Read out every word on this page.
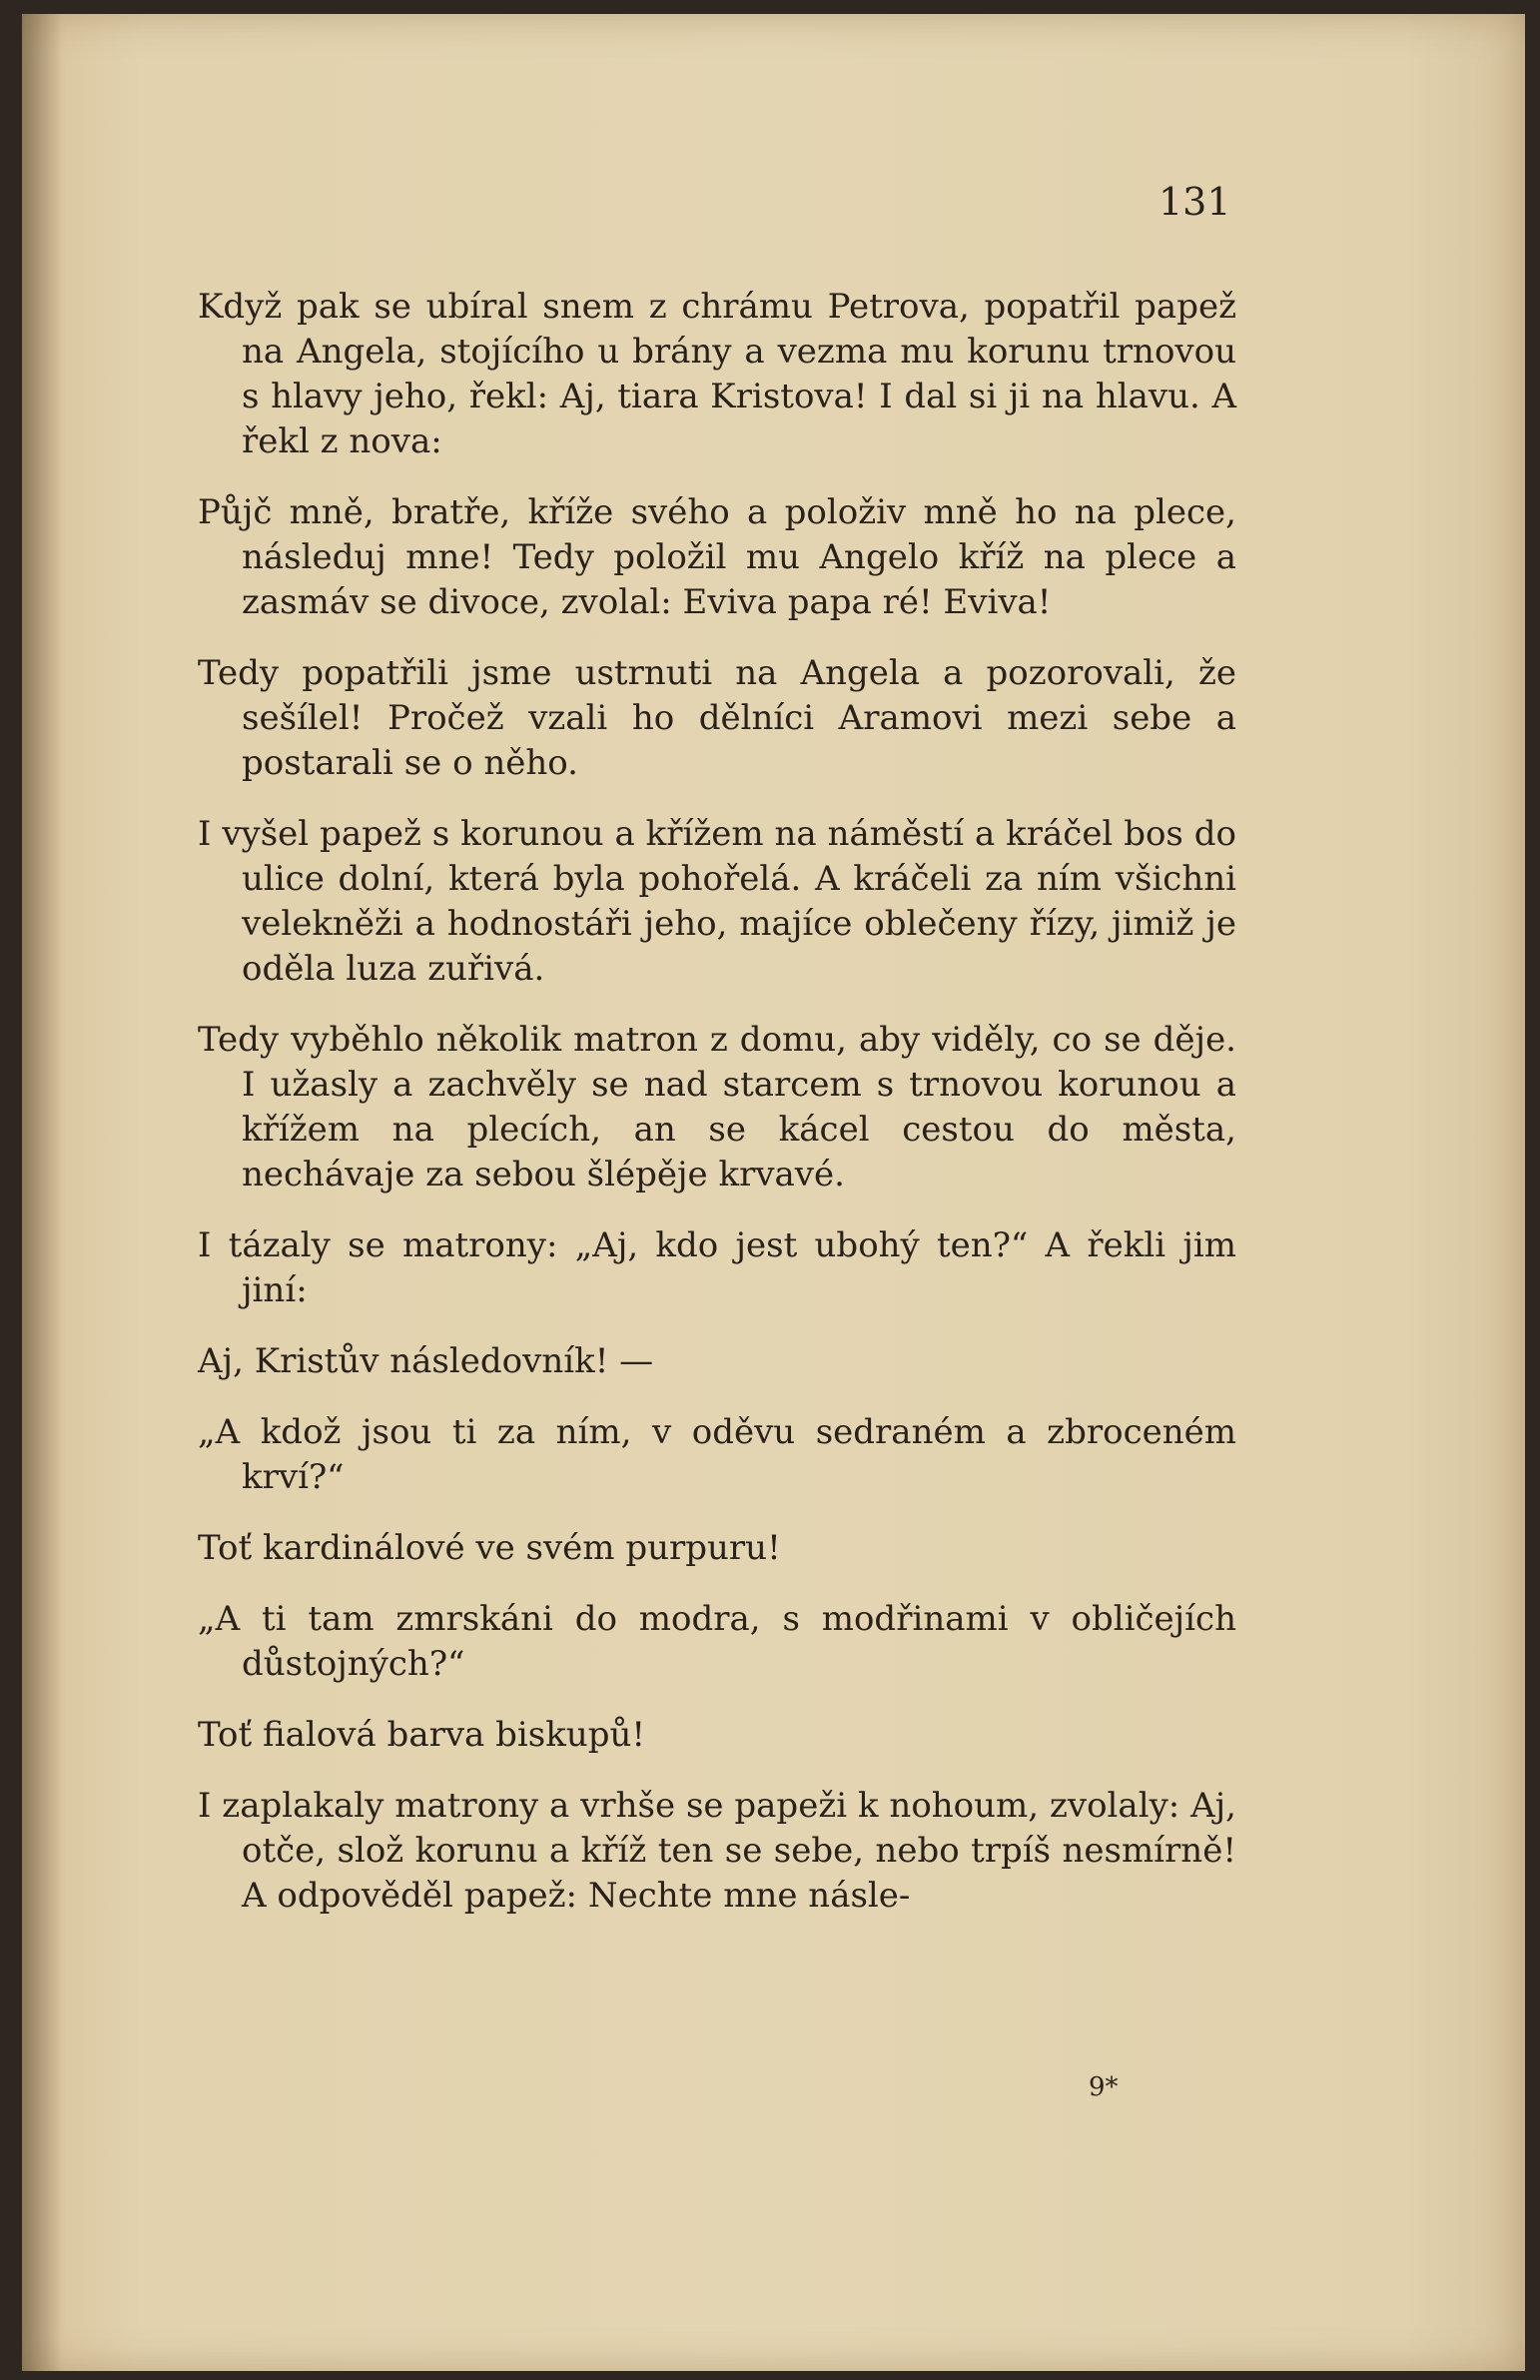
131

Když pak se ubíral snem z chrámu Petrova, popatřil papež na Angela, stojícího u brány a vezma mu korunu trnovou s hlavy jeho, řekl: Aj, tiara Kristova! I dal si ji na hlavu. A řekl z nova:

Půjč mně, bratře, kříže svého a položiv mně ho na plece, následuj mne! Tedy položil mu Angelo kříž na plece a zasmáv se divoce, zvolal: Eviva papa ré! Eviva!

Tedy popatřili jsme ustrnuti na Angela a pozorovali, že sešílel! Pročež vzali ho dělníci Aramovi mezi sebe a postarali se o něho.

I vyšel papež s korunou a křížem na náměstí a kráčel bos do ulice dolní, která byla pohořelá. A kráčeli za ním všichni velekněži a hodnostáři jeho, majíce oblečeny řízy, jimiž je oděla luza zuřivá.

Tedy vyběhlo několik matron z domu, aby viděly, co se děje. I užasly a zachvěly se nad starcem s trnovou korunou a křížem na plecích, an se kácel cestou do města, nechávaje za sebou šlépěje krvavé.

I tázaly se matrony: „Aj, kdo jest ubohý ten?“ A řekli jim jiní:

Aj, Kristův následovník! —

„A kdož jsou ti za ním, v oděvu sedraném a zbroceném krví?“

Toť kardinálové ve svém purpuru!

„A ti tam zmrskáni do modra, s modřinami v obličejích důstojných?“

Toť fialová barva biskupů!

I zaplakaly matrony a vrhše se papeži k nohoum, zvolaly: Aj, otče, slož korunu a kříž ten se sebe, nebo trpíš nesmírně! A odpověděl papež: Nechte mne násle-

9*
